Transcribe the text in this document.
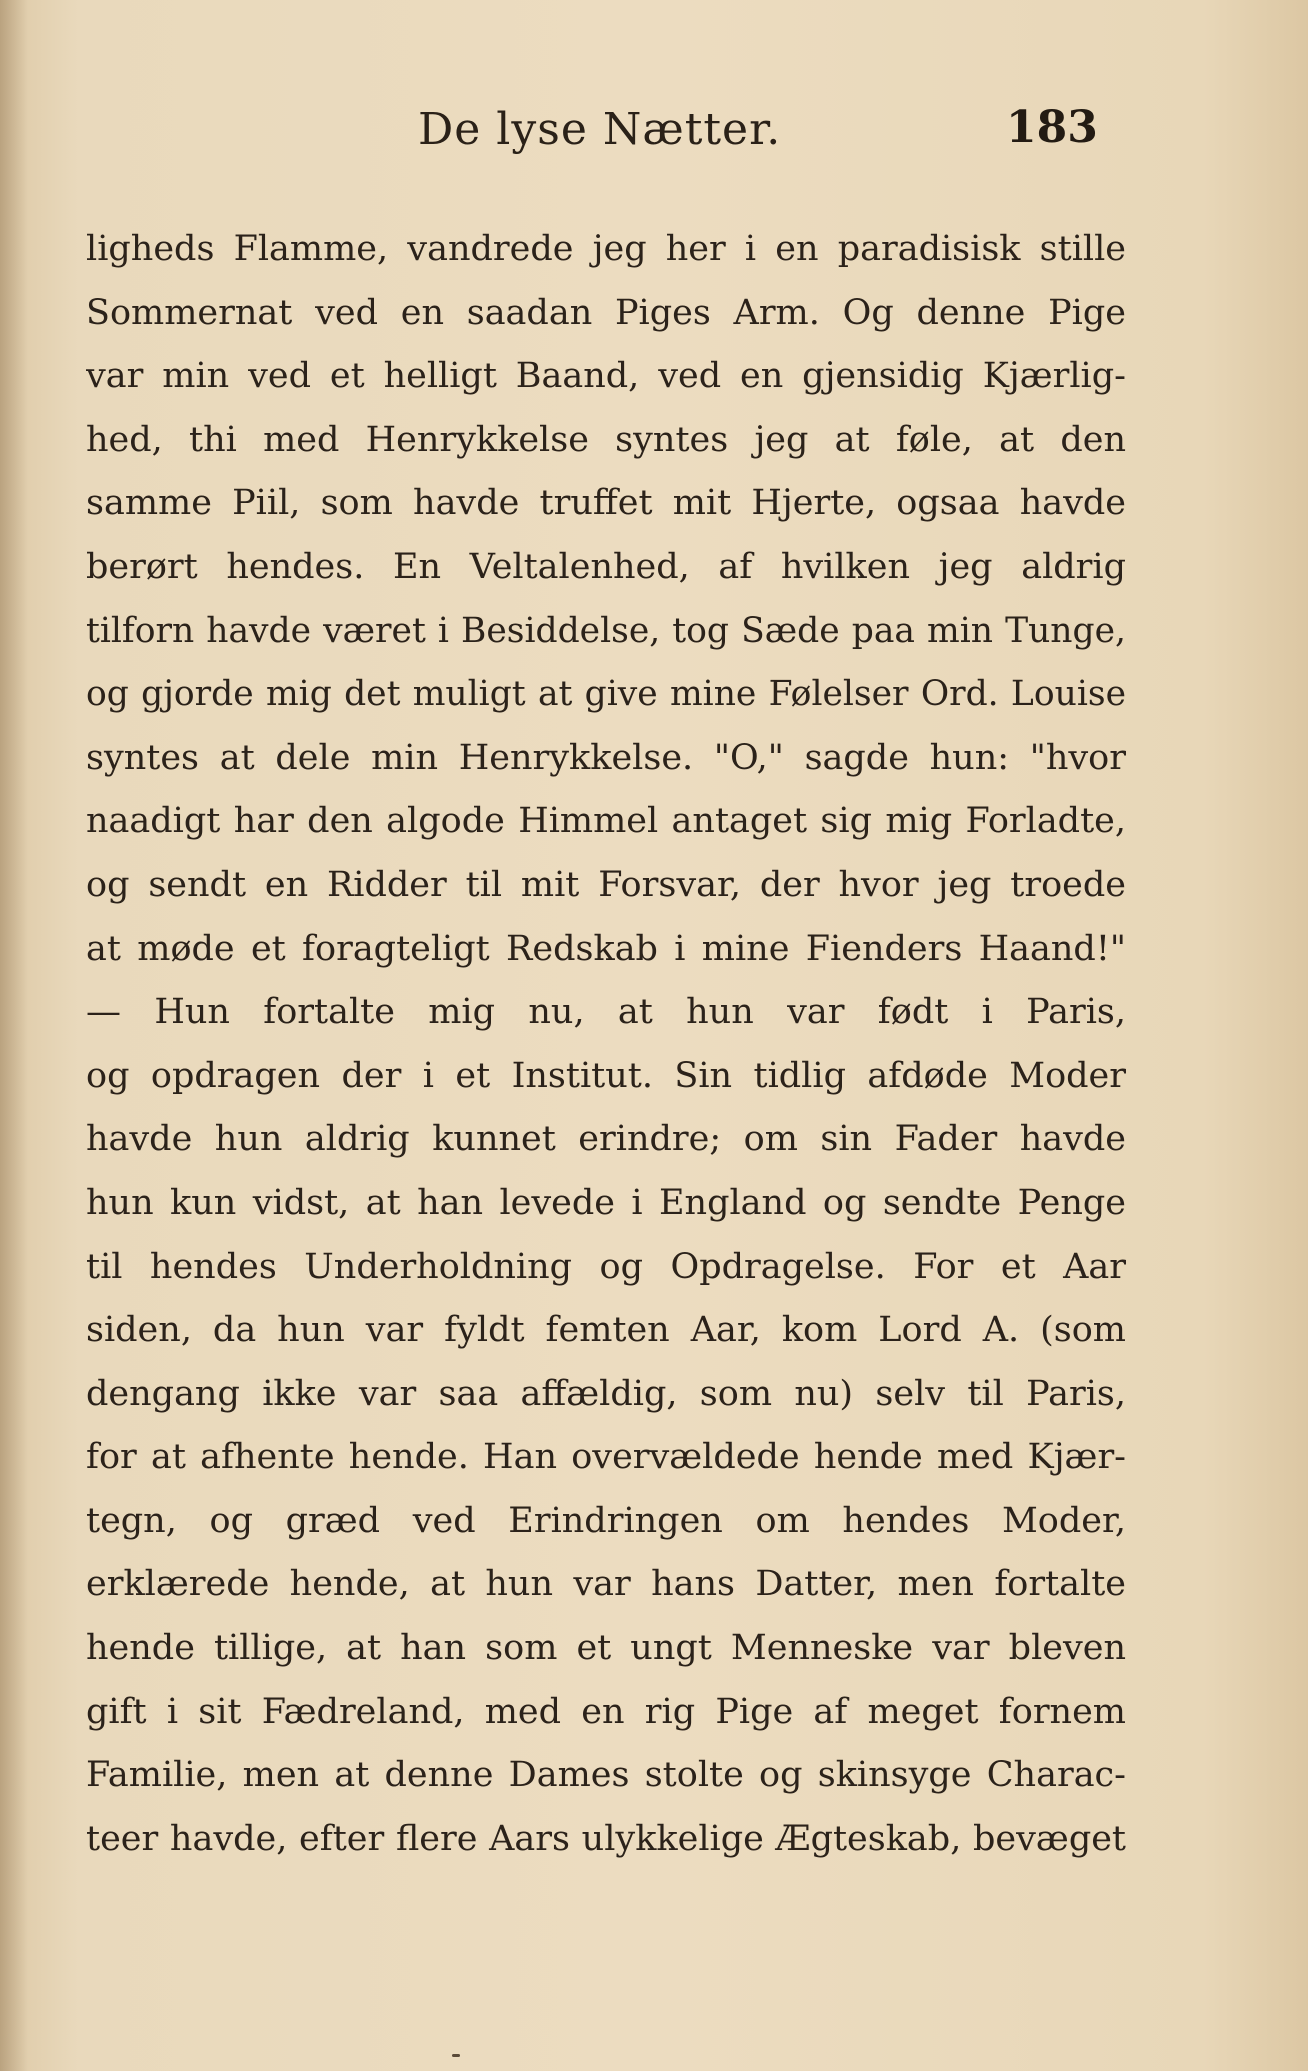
De lyse Nætter.	183
ligheds Flamme, vandrede jeg her i en paradisisk stille
Sommernat ved en saadan Piges Arm. Og denne Pige
var min ved et helligt Baand, ved en gjensidig Kjærlig-
hed, thi med Henrykkelse syntes jeg at føle, at den
samme Piil, som havde truffet mit Hjerte, ogsaa havde
berørt hendes. En Veltalenhed, af hvilken jeg aldrig
tilforn havde været i Besiddelse, tog Sæde paa min Tunge,
og gjorde mig det muligt at give mine Følelser Ord. Louise
syntes at dele min Henrykkelse. "O," sagde hun: "hvor
naadigt har den algode Himmel antaget sig mig Forladte,
og sendt en Ridder til mit Forsvar, der hvor jeg troede
at møde et foragteligt Redskab i mine Fienders Haand!"
— Hun fortalte mig nu, at hun var født i Paris,
og opdragen der i et Institut. Sin tidlig afdøde Moder
havde hun aldrig kunnet erindre; om sin Fader havde
hun kun vidst, at han levede i England og sendte Penge
til hendes Underholdning og Opdragelse. For et Aar
siden, da hun var fyldt femten Aar, kom Lord A. (som
dengang ikke var saa affældig, som nu) selv til Paris,
for at afhente hende. Han overvældede hende med Kjær-
tegn, og græd ved Erindringen om hendes Moder,
erklærede hende, at hun var hans Datter, men fortalte
hende tillige, at han som et ungt Menneske var bleven
gift i sit Fædreland, med en rig Pige af meget fornem
Familie, men at denne Dames stolte og skinsyge Charac-
teer havde, efter flere Aars ulykkelige Ægteskab, bevæget
